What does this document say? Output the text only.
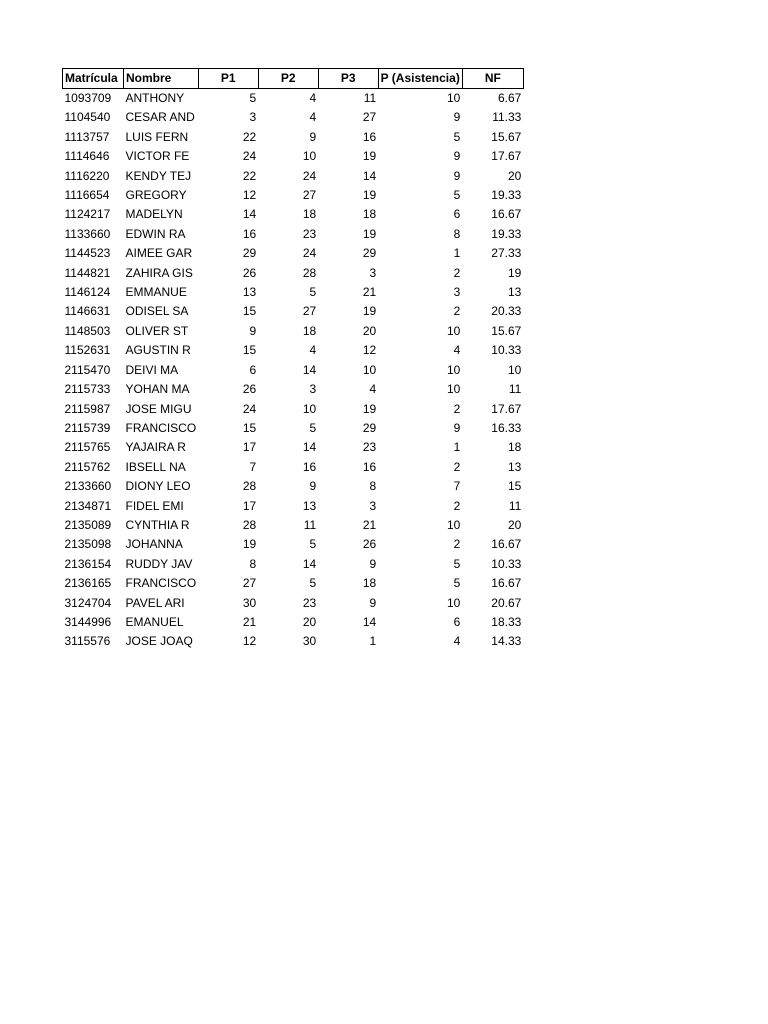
Matrícula	Nombre	P1	P2	P3	P (Asistencia)	NF
1093709	ANTHONY	5	4	11	10	6.67
1104540	CESAR AND	3	4	27	9	11.33
1113757	LUIS FERN	22	9	16	5	15.67
1114646	VICTOR FE	24	10	19	9	17.67
1116220	KENDY TEJ	22	24	14	9	20
1116654	GREGORY	12	27	19	5	19.33
1124217	MADELYN	14	18	18	6	16.67
1133660	EDWIN RA	16	23	19	8	19.33
1144523	AIMEE GAR	29	24	29	1	27.33
1144821	ZAHIRA GIS	26	28	3	2	19
1146124	EMMANUE	13	5	21	3	13
1146631	ODISEL SA	15	27	19	2	20.33
1148503	OLIVER ST	9	18	20	10	15.67
1152631	AGUSTIN R	15	4	12	4	10.33
2115470	DEIVI MA	6	14	10	10	10
2115733	YOHAN MA	26	3	4	10	11
2115987	JOSE MIGU	24	10	19	2	17.67
2115739	FRANCISCO	15	5	29	9	16.33
2115765	YAJAIRA R	17	14	23	1	18
2115762	IBSELL NA	7	16	16	2	13
2133660	DIONY LEO	28	9	8	7	15
2134871	FIDEL EMI	17	13	3	2	11
2135089	CYNTHIA R	28	11	21	10	20
2135098	JOHANNA	19	5	26	2	16.67
2136154	RUDDY JAV	8	14	9	5	10.33
2136165	FRANCISCO	27	5	18	5	16.67
3124704	PAVEL ARI	30	23	9	10	20.67
3144996	EMANUEL	21	20	14	6	18.33
3115576	JOSE JOAQ	12	30	1	4	14.33
